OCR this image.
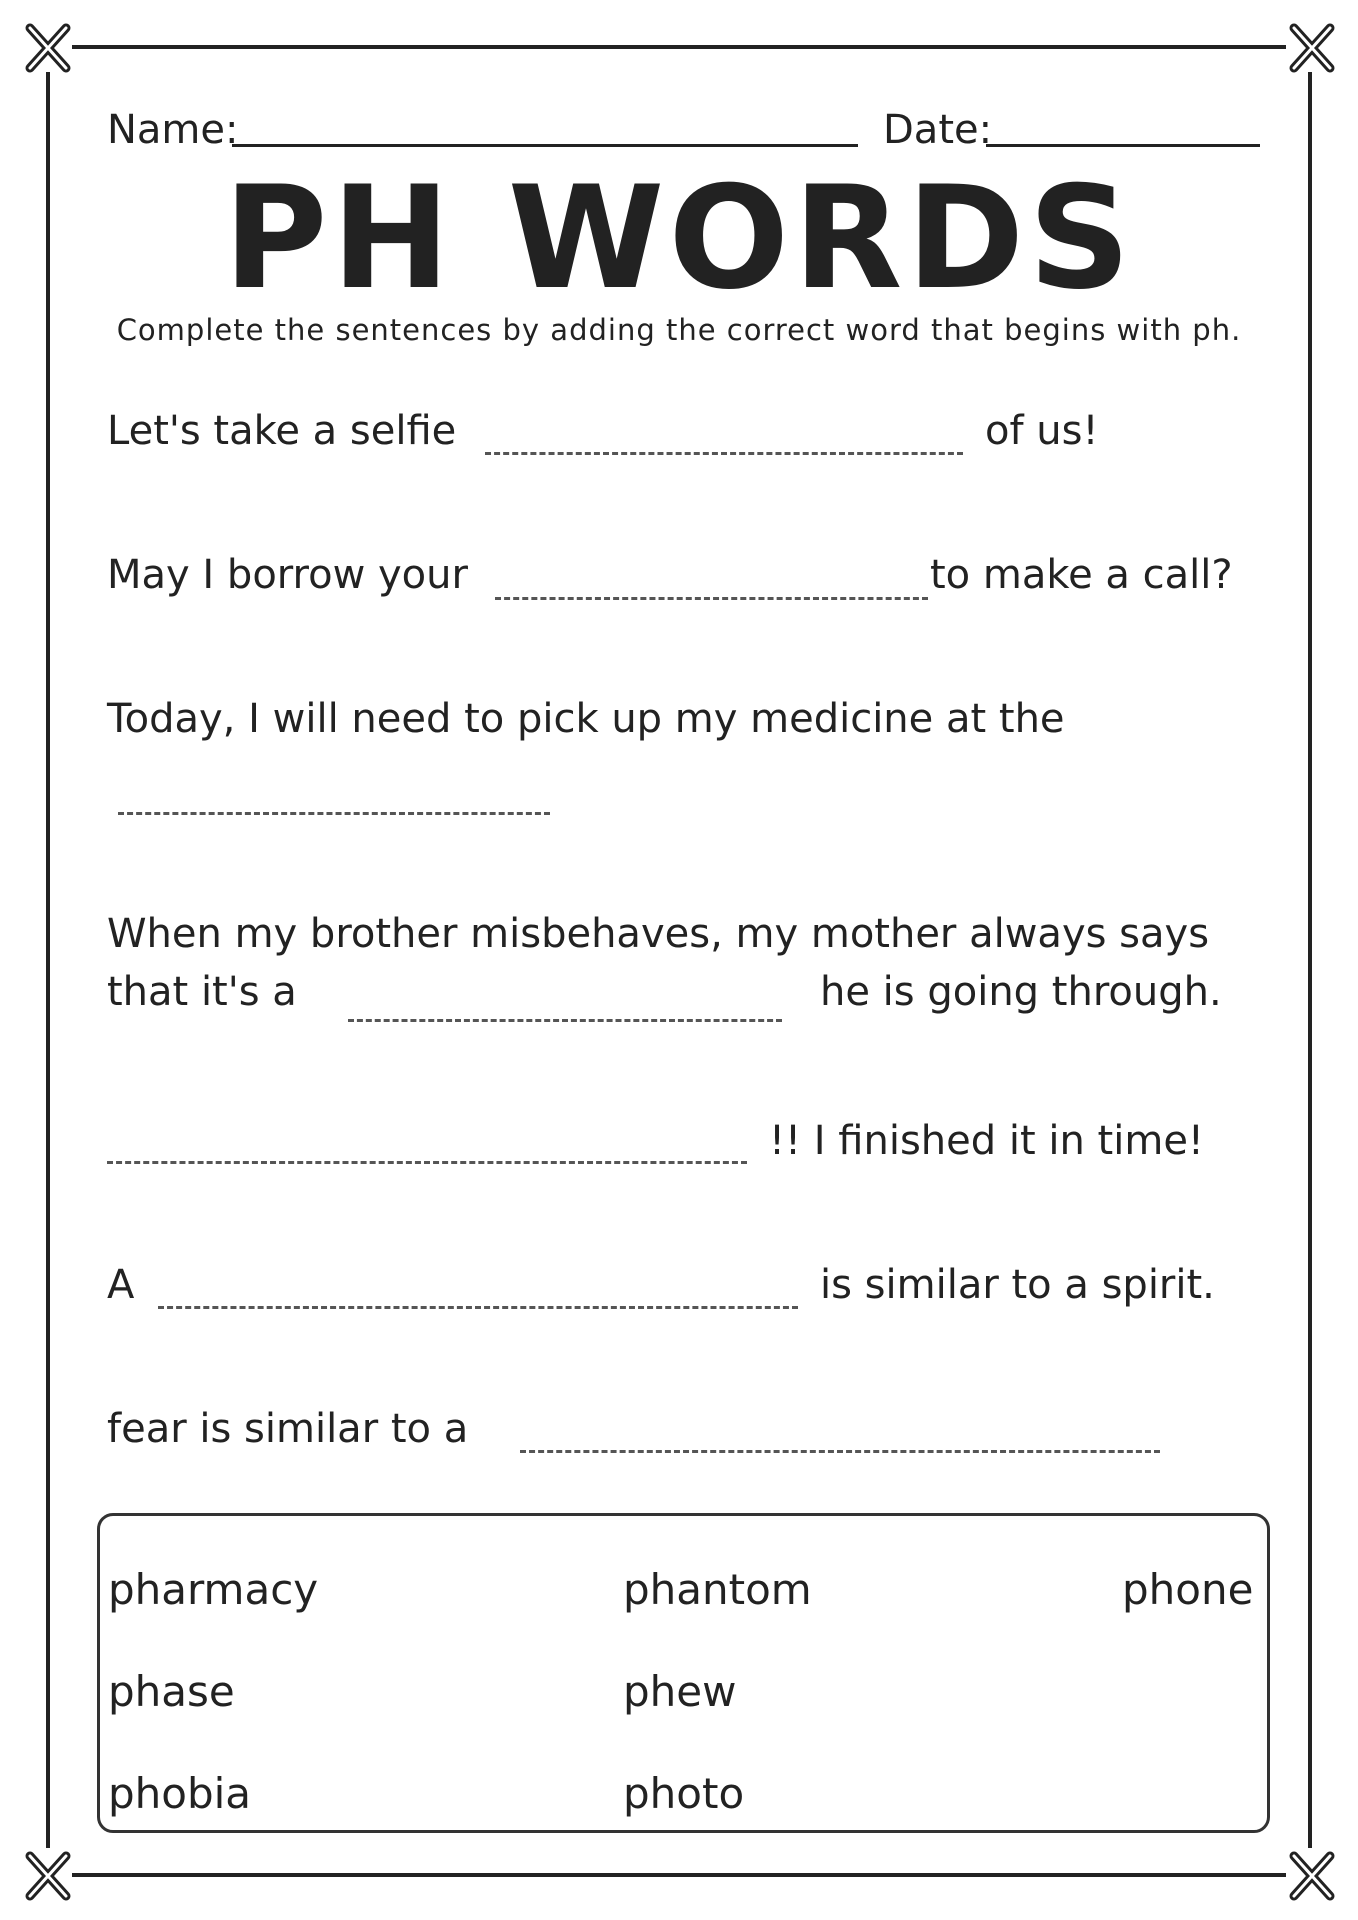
Name:	Date:
PH WORDS
Complete the sentences by adding the correct word that begins with ph.
Let's take a selfie	of us!
May I borrow your	to make a call?
Today, I will need to pick up my medicine at the
When my brother misbehaves, my mother always says
that it's a	he is going through.
!! I finished it in time!
A	is similar to a spirit.
fear is similar to a
pharmacy	phantom	phone
phase	phew
phobia	photo
